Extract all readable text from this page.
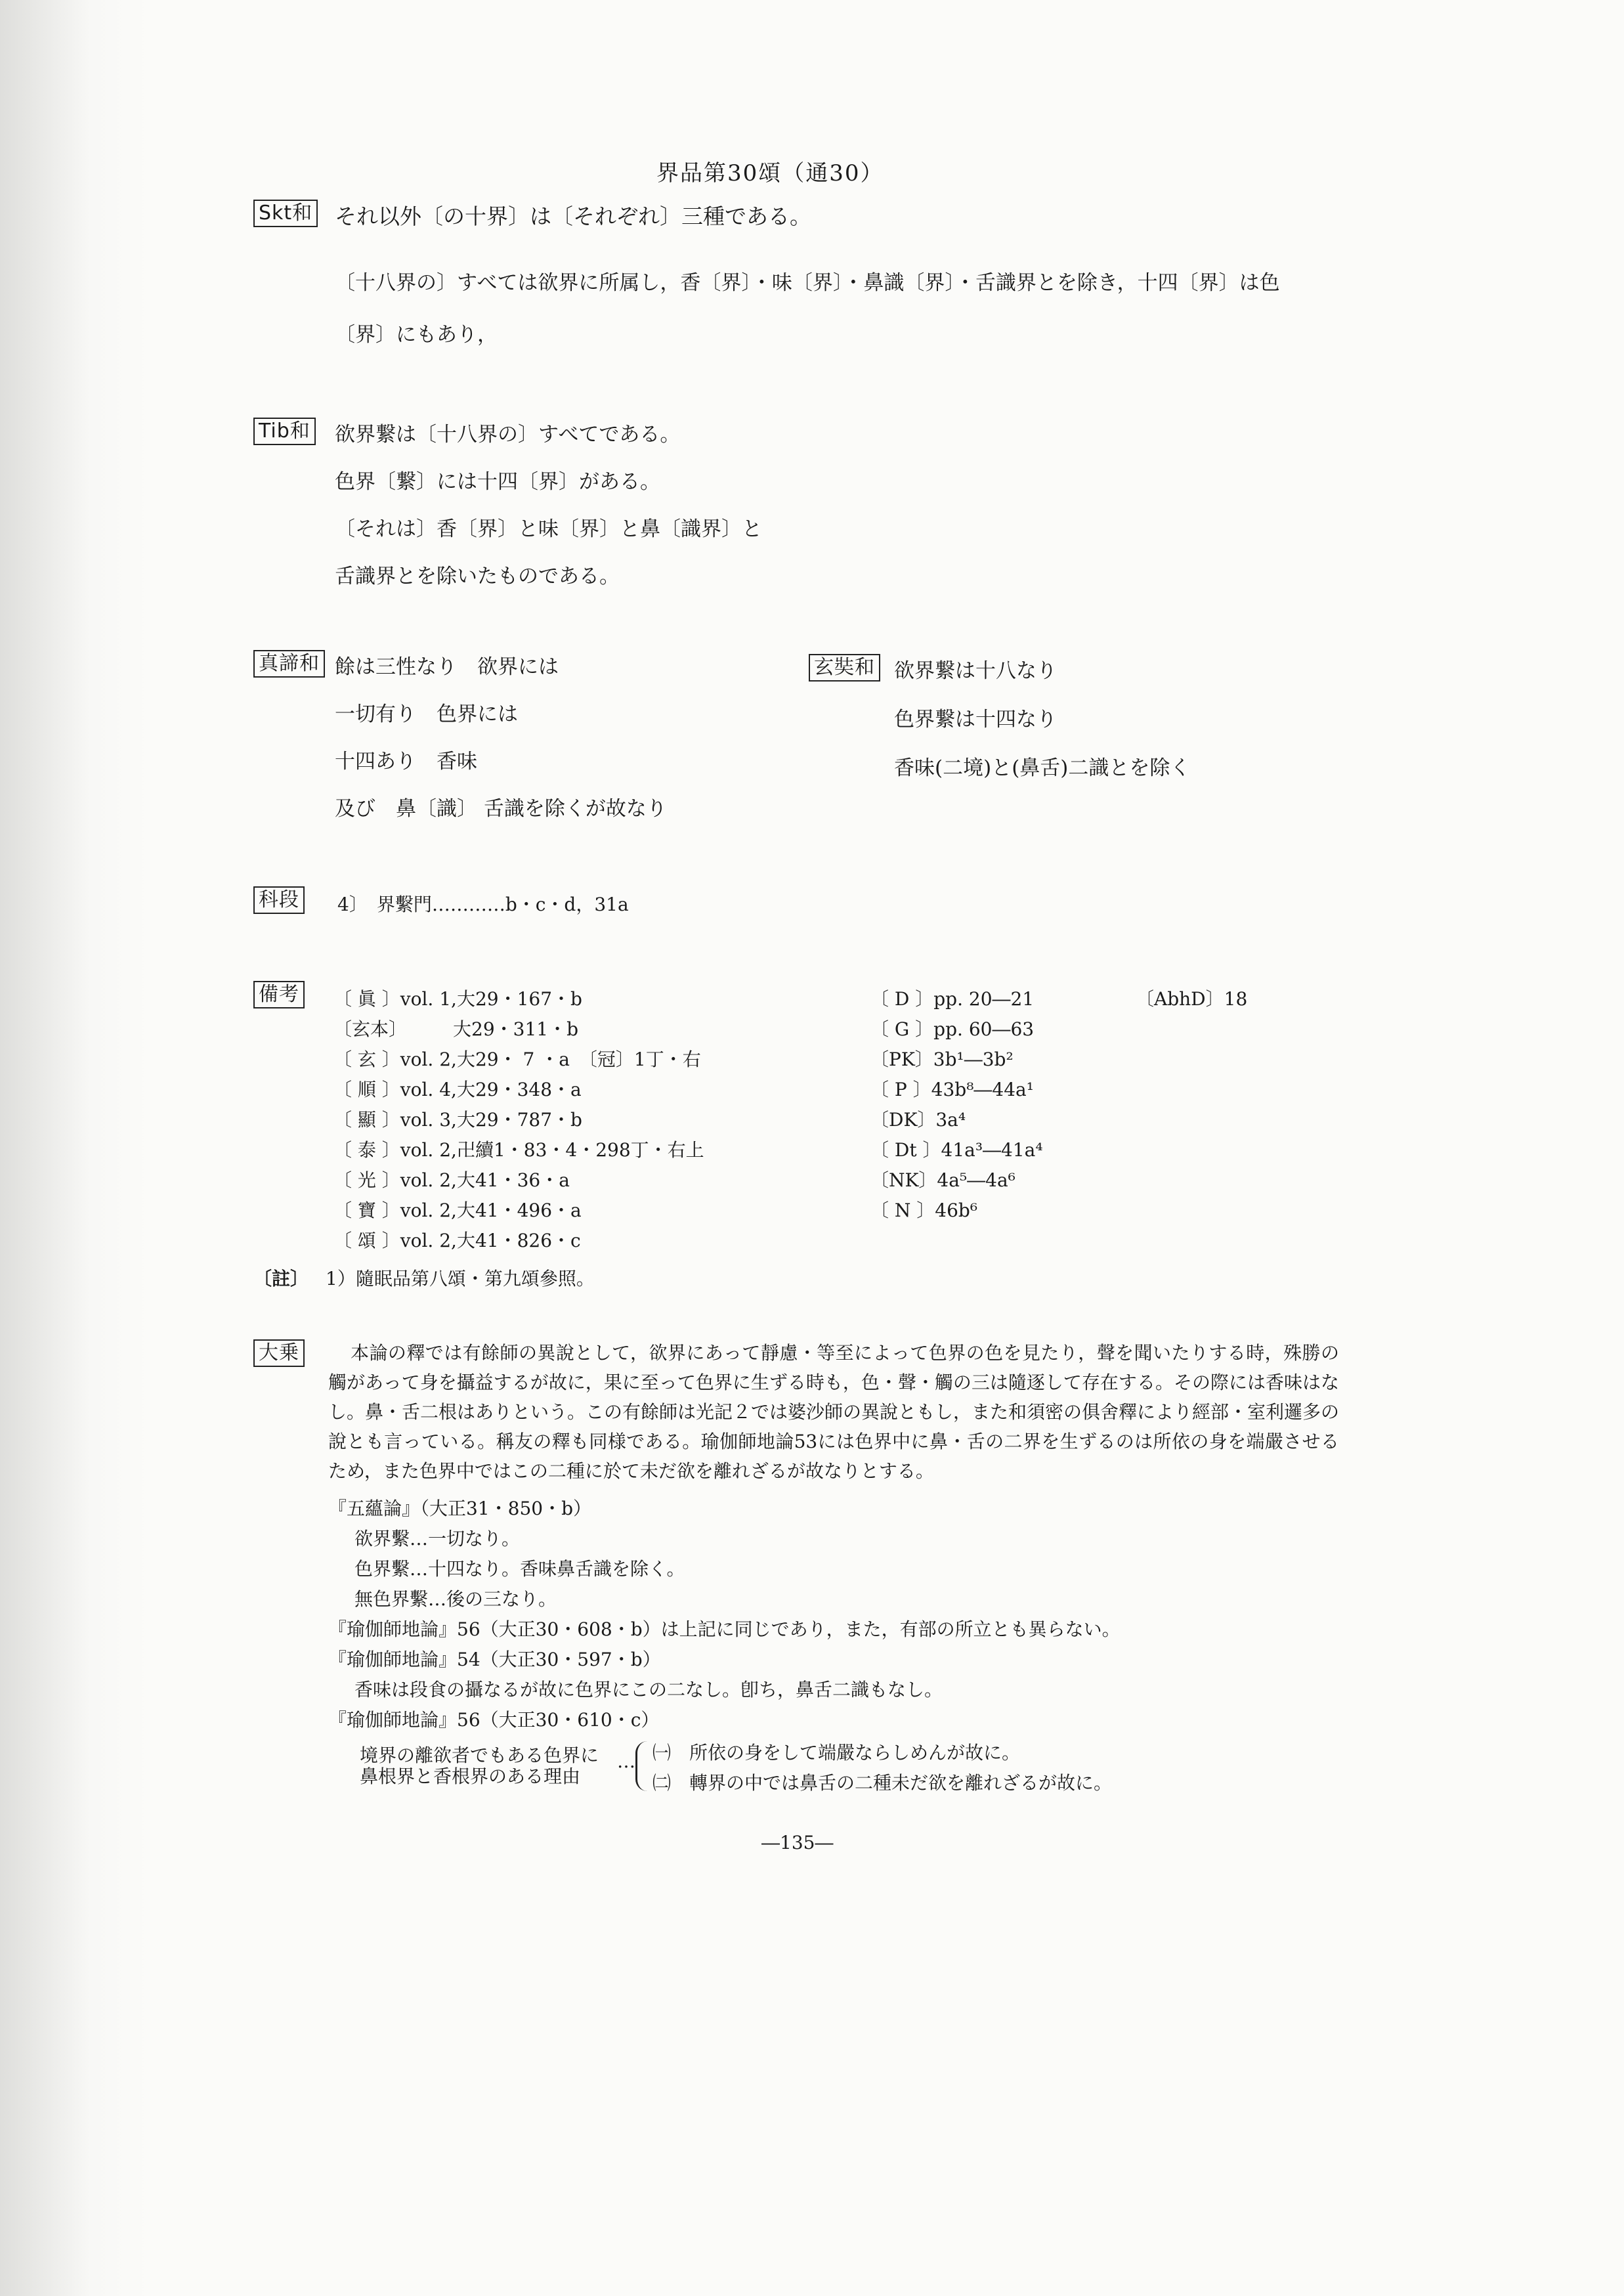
界品第30頌（通30）
Skt和 それ以外〔の十界〕は〔それぞれ〕三種である。
〔十八界の〕すべては欲界に所属し，香〔界〕・味〔界〕・鼻識〔界〕・舌識界とを除き，十四〔界〕は色
〔界〕にもあり，
Tib和 欲界繋は〔十八界の〕すべてである。
色界〔繋〕には十四〔界〕がある。
〔それは〕香〔界〕と味〔界〕と鼻〔識界〕と
舌識界とを除いたものである。
真諦和 餘は三性なり　欲界には
一切有り　色界には
十四あり　香味
及び　鼻〔識〕 舌識を除くが故なり
玄奘和 欲界繋は十八なり
色界繋は十四なり
香味(二境)と(鼻舌)二識とを除く
科段 4〕　界繫門…………b・c・d，31a
備考 〔 眞 〕vol. 1,大29・167・b
〔玄本〕　　　大29・311・b
〔 玄 〕vol. 2,大29・ 7 ・a　〔冠〕1丁・右
〔 順 〕vol. 4,大29・348・a
〔 顯 〕vol. 3,大29・787・b
〔 泰 〕vol. 2,卍續1・83・4・298丁・右上
〔 光 〕vol. 2,大41・36・a
〔 寶 〕vol. 2,大41・496・a
〔 頌 〕vol. 2,大41・826・c
〔 D 〕pp. 20―21
〔 G 〕pp. 60―63
〔PK〕3b¹―3b²
〔 P 〕43b⁸―44a¹
〔DK〕3a⁴
〔 Dt 〕41a³―41a⁴
〔NK〕4a⁵―4a⁶
〔 N 〕46b⁶
〔AbhD〕18
〔註〕 1）隨眠品第八頌・第九頌參照。
大乗	本論の釋では有餘師の異說として，欲界にあって靜慮・等至によって色界の色を見たり，聲を聞いたりする時，殊勝の觸があって身を攝益するが故に，果に至って色界に生ずる時も，色・聲・觸の三は隨逐して存在する。その際には香味はなし。鼻・舌二根はありという。この有餘師は光記２では婆沙師の異說ともし，また和須密の俱舍釋により經部・室利邏多の說とも言っている。稱友の釋も同様である。瑜伽師地論53には色界中に鼻・舌の二界を生ずるのは所依の身を端嚴させるため，また色界中ではこの二種に於て未だ欲を離れざるが故なりとする。
『五蘊論』（大正31・850・b）
欲界繫…一切なり。
色界繫…十四なり。香味鼻舌識を除く。
無色界繫…後の三なり。
『瑜伽師地論』56（大正30・608・b）は上記に同じであり，また，有部の所立とも異らない。
『瑜伽師地論』54（大正30・597・b）
香味は段食の攝なるが故に色界にこの二なし。卽ち，鼻舌二識もなし。
『瑜伽師地論』56（大正30・610・c）
境界の離欲者でもある色界に
鼻根界と香根界のある理由
… ㈠　所依の身をして端嚴ならしめんが故に。
㈡　轉界の中では鼻舌の二種未だ欲を離れざるが故に。
―135―
